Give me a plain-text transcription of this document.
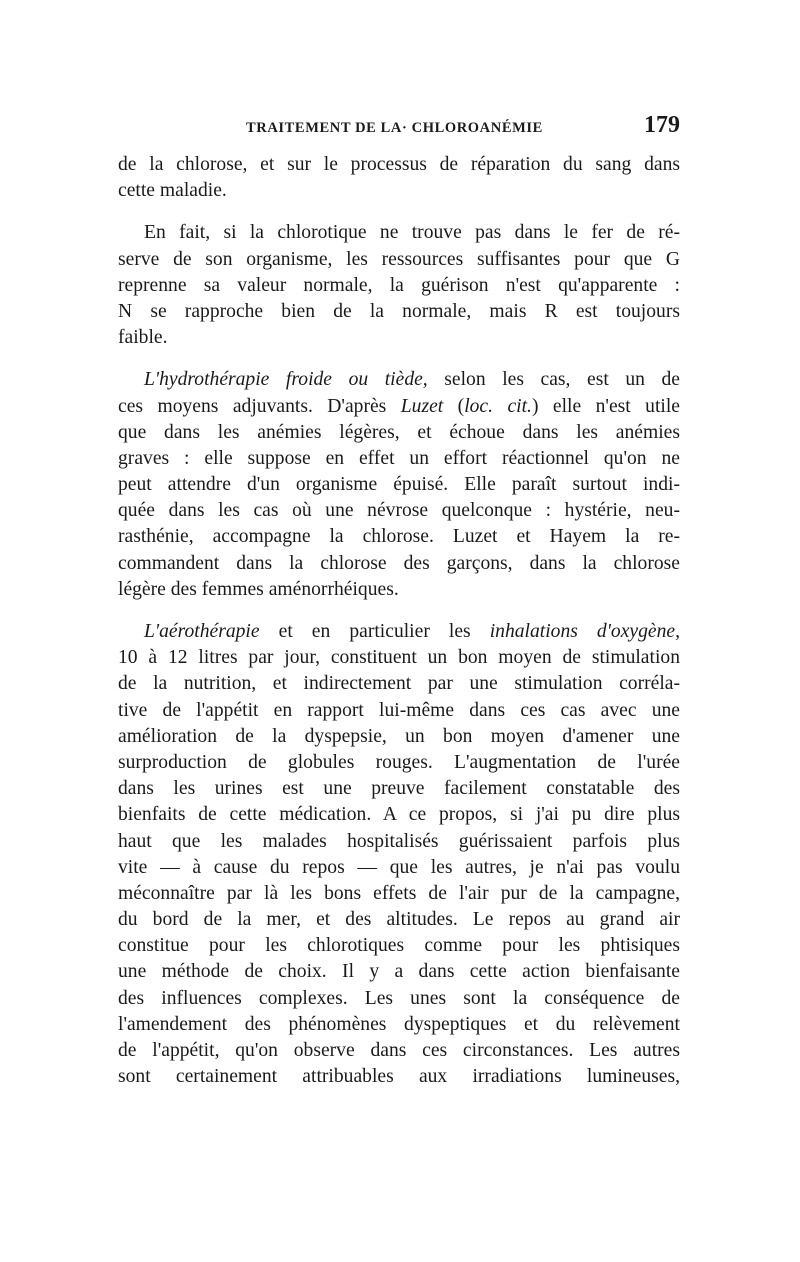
TRAITEMENT DE LA· CHLOROANÉMIE	179
de la chlorose, et sur le processus de réparation du sang dans
cette maladie.
En fait, si la chlorotique ne trouve pas dans le fer de ré-
serve de son organisme, les ressources suffisantes pour que G
reprenne sa valeur normale, la guérison n'est qu'apparente :
N se rapproche bien de la normale, mais R est toujours
faible.
L'hydrothérapie froide ou tiède, selon les cas, est un de
ces moyens adjuvants. D'après Luzet (loc. cit.) elle n'est utile
que dans les anémies légères, et échoue dans les anémies
graves : elle suppose en effet un effort réactionnel qu'on ne
peut attendre d'un organisme épuisé. Elle paraît surtout indi-
quée dans les cas où une névrose quelconque : hystérie, neu-
rasthénie, accompagne la chlorose. Luzet et Hayem la re-
commandent dans la chlorose des garçons, dans la chlorose
légère des femmes aménorrhéiques.
L'aérothérapie et en particulier les inhalations d'oxygène,
10 à 12 litres par jour, constituent un bon moyen de stimulation
de la nutrition, et indirectement par une stimulation corréla-
tive de l'appétit en rapport lui-même dans ces cas avec une
amélioration de la dyspepsie, un bon moyen d'amener une
surproduction de globules rouges. L'augmentation de l'urée
dans les urines est une preuve facilement constatable des
bienfaits de cette médication. A ce propos, si j'ai pu dire plus
haut que les malades hospitalisés guérissaient parfois plus
vite — à cause du repos — que les autres, je n'ai pas voulu
méconnaître par là les bons effets de l'air pur de la campagne,
du bord de la mer, et des altitudes. Le repos au grand air
constitue pour les chlorotiques comme pour les phtisiques
une méthode de choix. Il y a dans cette action bienfaisante
des influences complexes. Les unes sont la conséquence de
l'amendement des phénomènes dyspeptiques et du relèvement
de l'appétit, qu'on observe dans ces circonstances. Les autres
sont certainement attribuables aux irradiations lumineuses,
